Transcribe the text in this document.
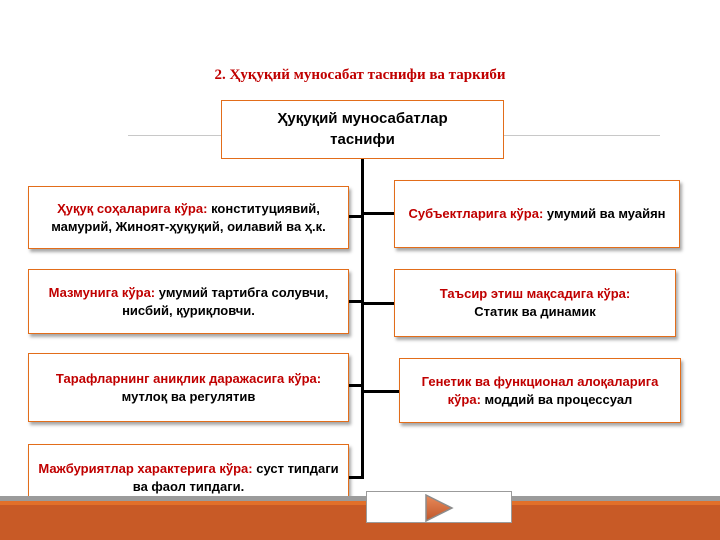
2. Ҳуқуқий муносабат таснифи ва таркиби
Ҳуқуқий муносабатлар
таснифи
Ҳуқуқ соҳаларига кўра: конституциявий, мамурий, Жиноят-ҳуқуқий, оилавий ва ҳ.к.
Мазмунига кўра: умумий тартибга солувчи, нисбий, қуриқловчи.
Тарафларнинг аниқлик даражасига кўра: мутлоқ ва регулятив
Мажбуриятлар характерига кўра: суст типдаги ва фаол типдаги.
Субъектларига кўра: умумий ва муайян
Таъсир этиш мақсадига кўра:
Статик ва динамик
Генетик ва функционал алоқаларига кўра: моддий ва процессуал
